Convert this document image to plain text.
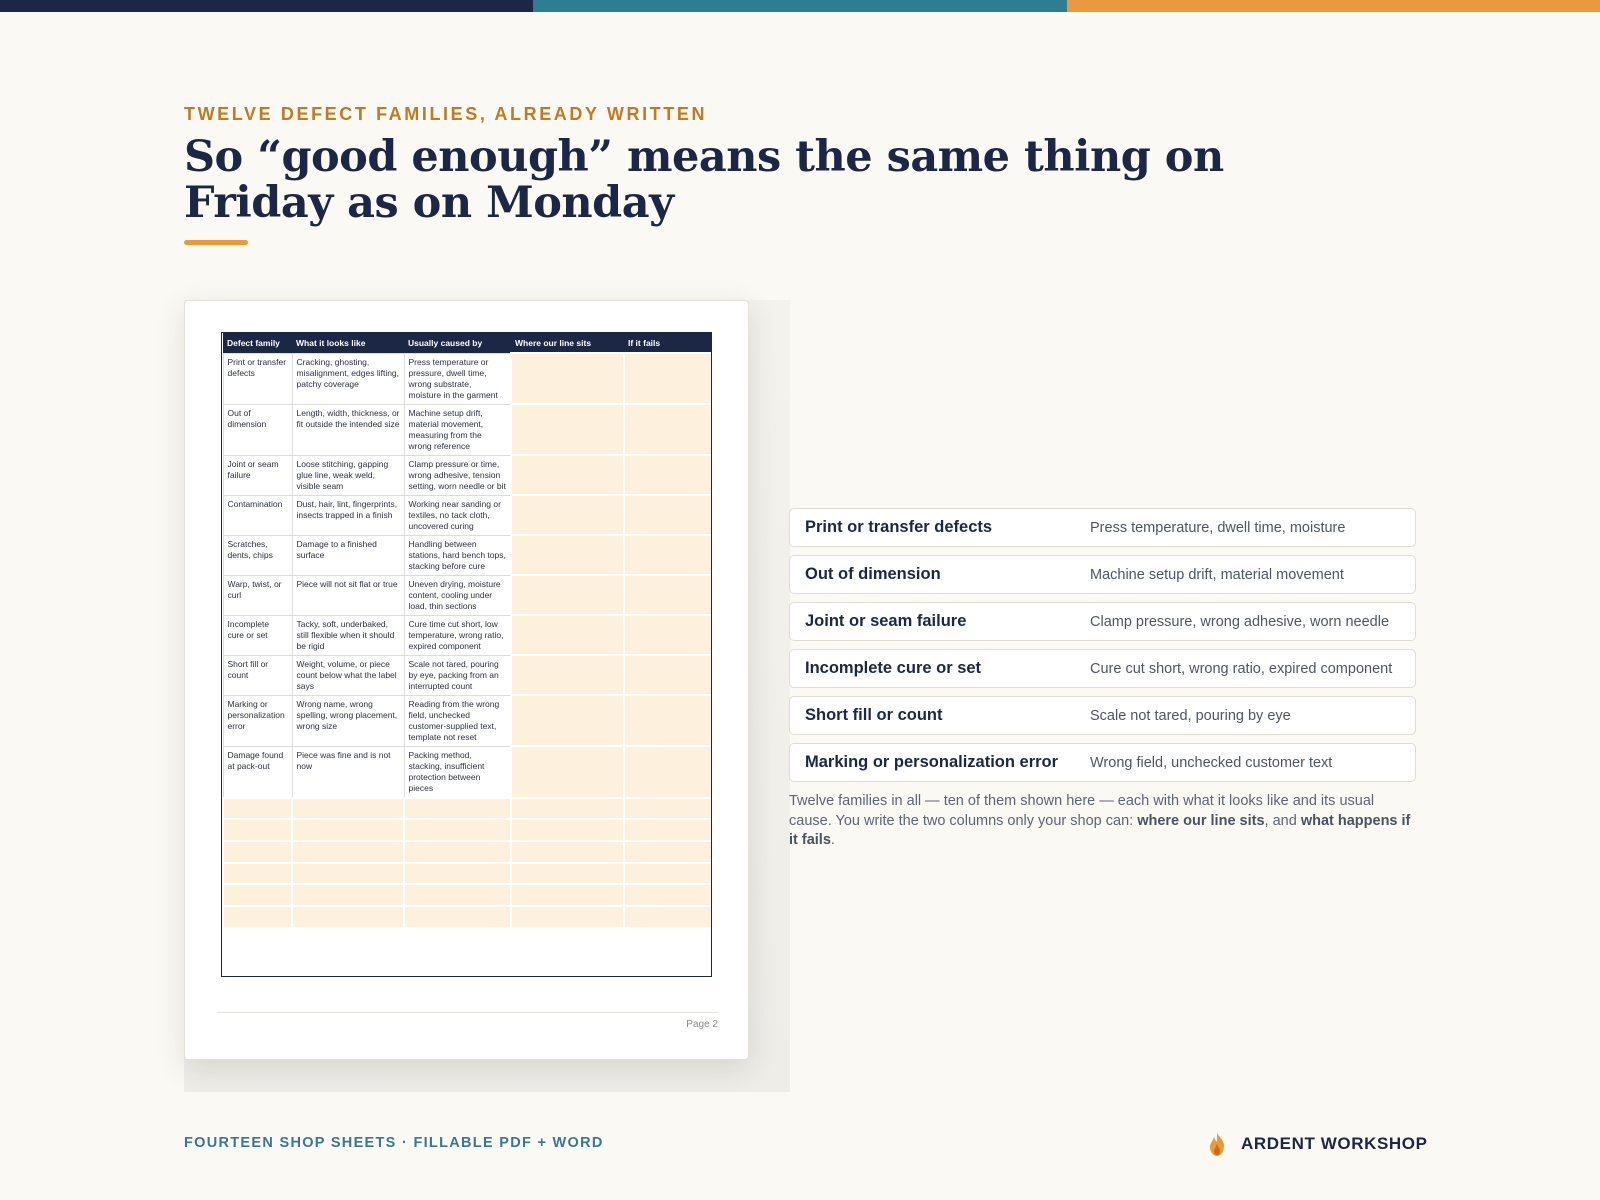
TWELVE DEFECT FAMILIES, ALREADY WRITTEN
So “good enough” means the same thing on Friday as on Monday
Defect family	What it looks like	Usually caused by	Where our line sits	If it fails
Print or transfer defects	Cracking, ghosting, misalignment, edges lifting, patchy coverage	Press temperature or pressure, dwell time, wrong substrate, moisture in the garment		
Out of dimension	Length, width, thickness, or fit outside the intended size	Machine setup drift, material movement, measuring from the wrong reference		
Joint or seam failure	Loose stitching, gapping glue line, weak weld, visible seam	Clamp pressure or time, wrong adhesive, tension setting, worn needle or bit		
Contamination	Dust, hair, lint, fingerprints, insects trapped in a finish	Working near sanding or textiles, no tack cloth, uncovered curing		
Scratches, dents, chips	Damage to a finished surface	Handling between stations, hard bench tops, stacking before cure		
Warp, twist, or curl	Piece will not sit flat or true	Uneven drying, moisture content, cooling under load, thin sections		
Incomplete cure or set	Tacky, soft, underbaked, still flexible when it should be rigid	Cure time cut short, low temperature, wrong ratio, expired component		
Short fill or count	Weight, volume, or piece count below what the label says	Scale not tared, pouring by eye, packing from an interrupted count		
Marking or personalization error	Wrong name, wrong spelling, wrong placement, wrong size	Reading from the wrong field, unchecked customer-supplied text, template not reset		
Damage found at pack-out	Piece was fine and is not now	Packing method, stacking, insufficient protection between pieces		

Page 2
Print or transfer defects	Press temperature, dwell time, moisture
Out of dimension	Machine setup drift, material movement
Joint or seam failure	Clamp pressure, wrong adhesive, worn needle
Incomplete cure or set	Cure cut short, wrong ratio, expired component
Short fill or count	Scale not tared, pouring by eye
Marking or personalization error	Wrong field, unchecked customer text

Twelve families in all — ten of them shown here — each with what it looks like and its usual cause. You write the two columns only your shop can: where our line sits, and what happens if it fails.

FOURTEEN SHOP SHEETS · FILLABLE PDF + WORD	ARDENT WORKSHOP
